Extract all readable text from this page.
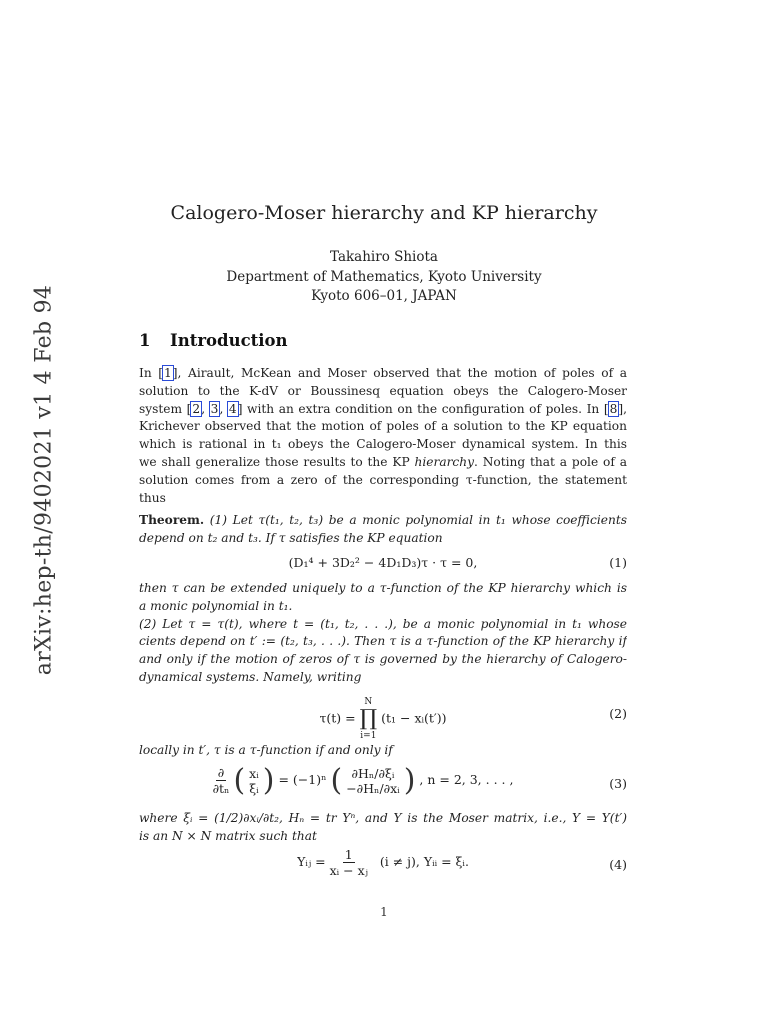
arXiv:hep-th/9402021 v1 4 Feb 94
Calogero-Moser hierarchy and KP hierarchy
Takahiro Shiota
Department of Mathematics, Kyoto University
Kyoto 606–01, JAPAN
1 Introduction
In [1], Airault, McKean and Moser observed that the motion of poles of a
solution to the K-dV or Boussinesq equation obeys the Calogero-Moser
system [2, 3, 4] with an extra condition on the configuration of poles. In [8],
Krichever observed that the motion of poles of a solution to the KP equation
which is rational in t₁ obeys the Calogero-Moser dynamical system. In this
we shall generalize those results to the KP hierarchy. Noting that a pole of a
solution comes from a zero of the corresponding τ-function, the statement
thus
Theorem. (1) Let τ(t₁, t₂, t₃) be a monic polynomial in t₁ whose coefficients
depend on t₂ and t₃. If τ satisfies the KP equation
(D₁⁴ + 3D₂² − 4D₁D₃)τ · τ = 0,	(1)
then τ can be extended uniquely to a τ-function of the KP hierarchy which is
a monic polynomial in t₁.
(2) Let τ = τ(t), where t = (t₁, t₂, . . .), be a monic polynomial in t₁ whose
cients depend on t′ := (t₂, t₃, . . .). Then τ is a τ-function of the KP hierarchy if
and only if the motion of zeros of τ is governed by the hierarchy of Calogero-
dynamical systems. Namely, writing
τ(t) =
N
∏
i=1
(t₁ − xᵢ(t′))	(2)
locally in t′, τ is a τ-function if and only if
$\frac{\partial}{\text{∂tₙ}}$
( xᵢ
ξᵢ ) = (−1)ⁿ ( ∂Hₙ/∂ξᵢ
−∂Hₙ/∂xᵢ ) , n = 2, 3, . . . ,	(3)
where ξᵢ = (1/2)∂xᵢ/∂t₂, Hₙ = tr Yⁿ, and Y is the Moser matrix, i.e., Y = Y(t′)
is an N × N matrix such that
Yᵢⱼ = $\frac{1}{\text{xᵢ − xⱼ}} (i \ne j)$, Yᵢᵢ = ξᵢ.	(4)
1
